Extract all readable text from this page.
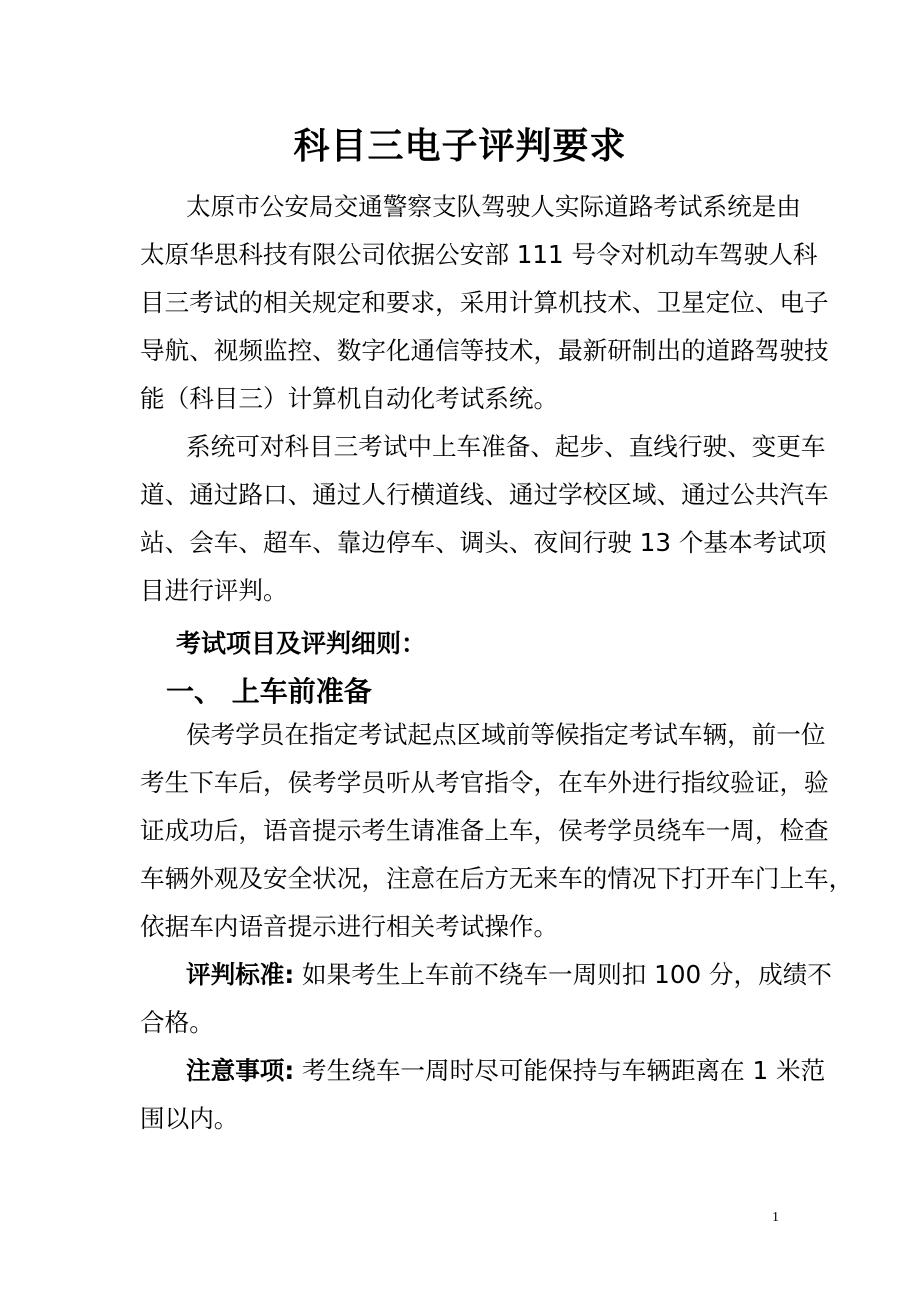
科目三电子评判要求
太原市公安局交通警察支队驾驶人实际道路考试系统是由
太原华思科技有限公司依据公安部 111 号令对机动车驾驶人科
目三考试的相关规定和要求，采用计算机技术、卫星定位、电子
导航、视频监控、数字化通信等技术，最新研制出的道路驾驶技
能（科目三）计算机自动化考试系统。
系统可对科目三考试中上车准备、起步、直线行驶、变更车
道、通过路口、通过人行横道线、通过学校区域、通过公共汽车
站、会车、超车、靠边停车、调头、夜间行驶 13 个基本考试项
目进行评判。
考试项目及评判细则：
一、 上车前准备
侯考学员在指定考试起点区域前等候指定考试车辆，前一位
考生下车后，侯考学员听从考官指令，在车外进行指纹验证，验
证成功后，语音提示考生请准备上车，侯考学员绕车一周，检查
车辆外观及安全状况，注意在后方无来车的情况下打开车门上车，
依据车内语音提示进行相关考试操作。
评判标准: 如果考生上车前不绕车一周则扣 100 分，成绩不
合格。
注意事项: 考生绕车一周时尽可能保持与车辆距离在 1 米范
围以内。
1
